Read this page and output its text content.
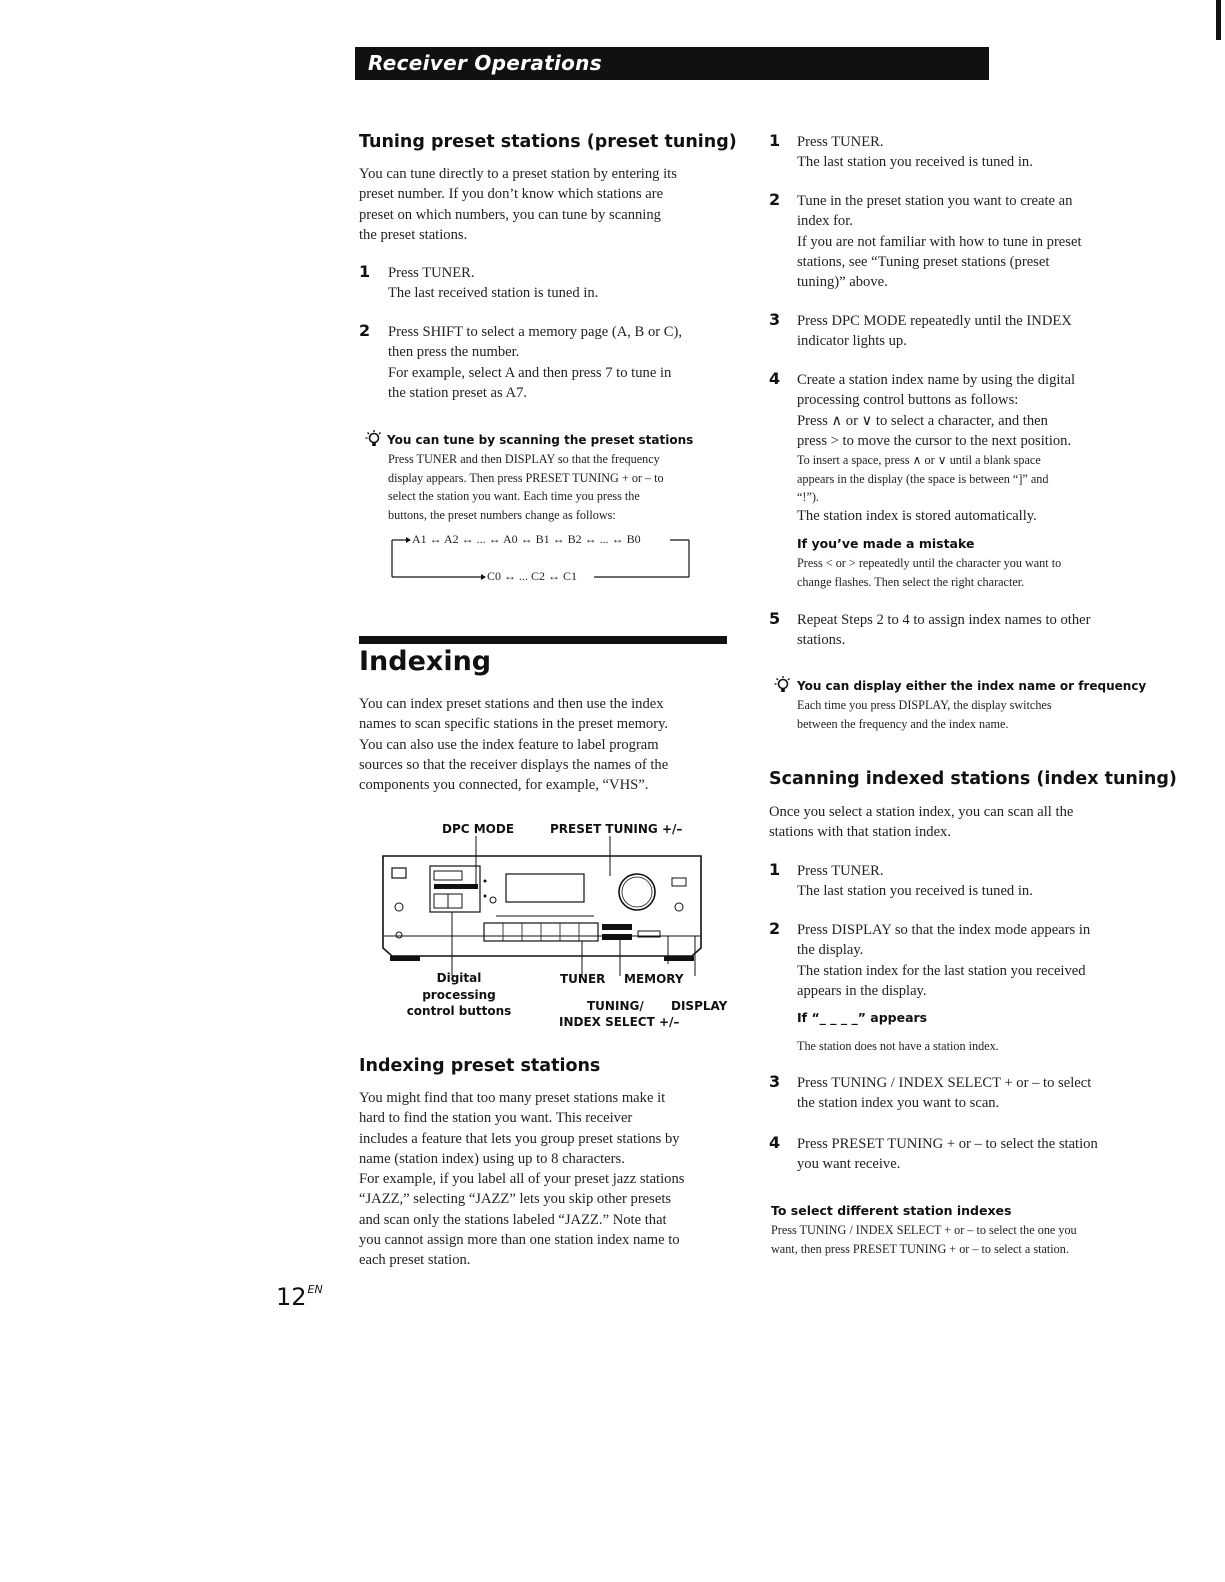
Receiver Operations
Tuning preset stations (preset tuning)
You can tune directly to a preset station by entering its
preset number. If you don’t know which stations are
preset on which numbers, you can tune by scanning
the preset stations.
1 Press TUNER.
The last received station is tuned in.
2 Press SHIFT to select a memory page (A, B or C),
then press the number.
For example, select A and then press 7 to tune in
the station preset as A7.
You can tune by scanning the preset stations
Press TUNER and then DISPLAY so that the frequency
display appears. Then press PRESET TUNING + or – to
select the station you want. Each time you press the
buttons, the preset numbers change as follows:
A1 ↔ A2 ↔ ... ↔ A0 ↔ B1 ↔ B2 ↔ ... ↔ B0
C0 ↔ ... C2 ↔ C1
Indexing
You can index preset stations and then use the index
names to scan specific stations in the preset memory.
You can also use the index feature to label program
sources so that the receiver displays the names of the
components you connected, for example, “VHS”.
DPC MODE	PRESET TUNING +/–
Digital
processing
control buttons
TUNER MEMORY
TUNING/
INDEX SELECT +/–
DISPLAY
Indexing preset stations
You might find that too many preset stations make it
hard to find the station you want. This receiver
includes a feature that lets you group preset stations by
name (station index) using up to 8 characters.
For example, if you label all of your preset jazz stations
“JAZZ,” selecting “JAZZ” lets you skip other presets
and scan only the stations labeled “JAZZ.” Note that
you cannot assign more than one station index name to
each preset station.
$12^{EN}$
1 Press TUNER.
The last station you received is tuned in.
2 Tune in the preset station you want to create an
index for.
If you are not familiar with how to tune in preset
stations, see “Tuning preset stations (preset
tuning)” above.
3 Press DPC MODE repeatedly until the INDEX
indicator lights up.
4 Create a station index name by using the digital
processing control buttons as follows:
Press ∧ or ∨ to select a character, and then
press > to move the cursor to the next position.
To insert a space, press ∧ or ∨ until a blank space
appears in the display (the space is between “]” and
“!”).
The station index is stored automatically.
If you’ve made a mistake
Press < or > repeatedly until the character you want to
change flashes. Then select the right character.
5 Repeat Steps 2 to 4 to assign index names to other
stations.
You can display either the index name or frequency
Each time you press DISPLAY, the display switches
between the frequency and the index name.
Scanning indexed stations (index tuning)
Once you select a station index, you can scan all the
stations with that station index.
1 Press TUNER.
The last station you received is tuned in.
2 Press DISPLAY so that the index mode appears in
the display.
The station index for the last station you received
appears in the display.
If “_ _ _ _” appears
The station does not have a station index.
3 Press TUNING / INDEX SELECT + or – to select
the station index you want to scan.
4 Press PRESET TUNING + or – to select the station
you want receive.
To select different station indexes
Press TUNING / INDEX SELECT + or – to select the one you
want, then press PRESET TUNING + or – to select a station.
